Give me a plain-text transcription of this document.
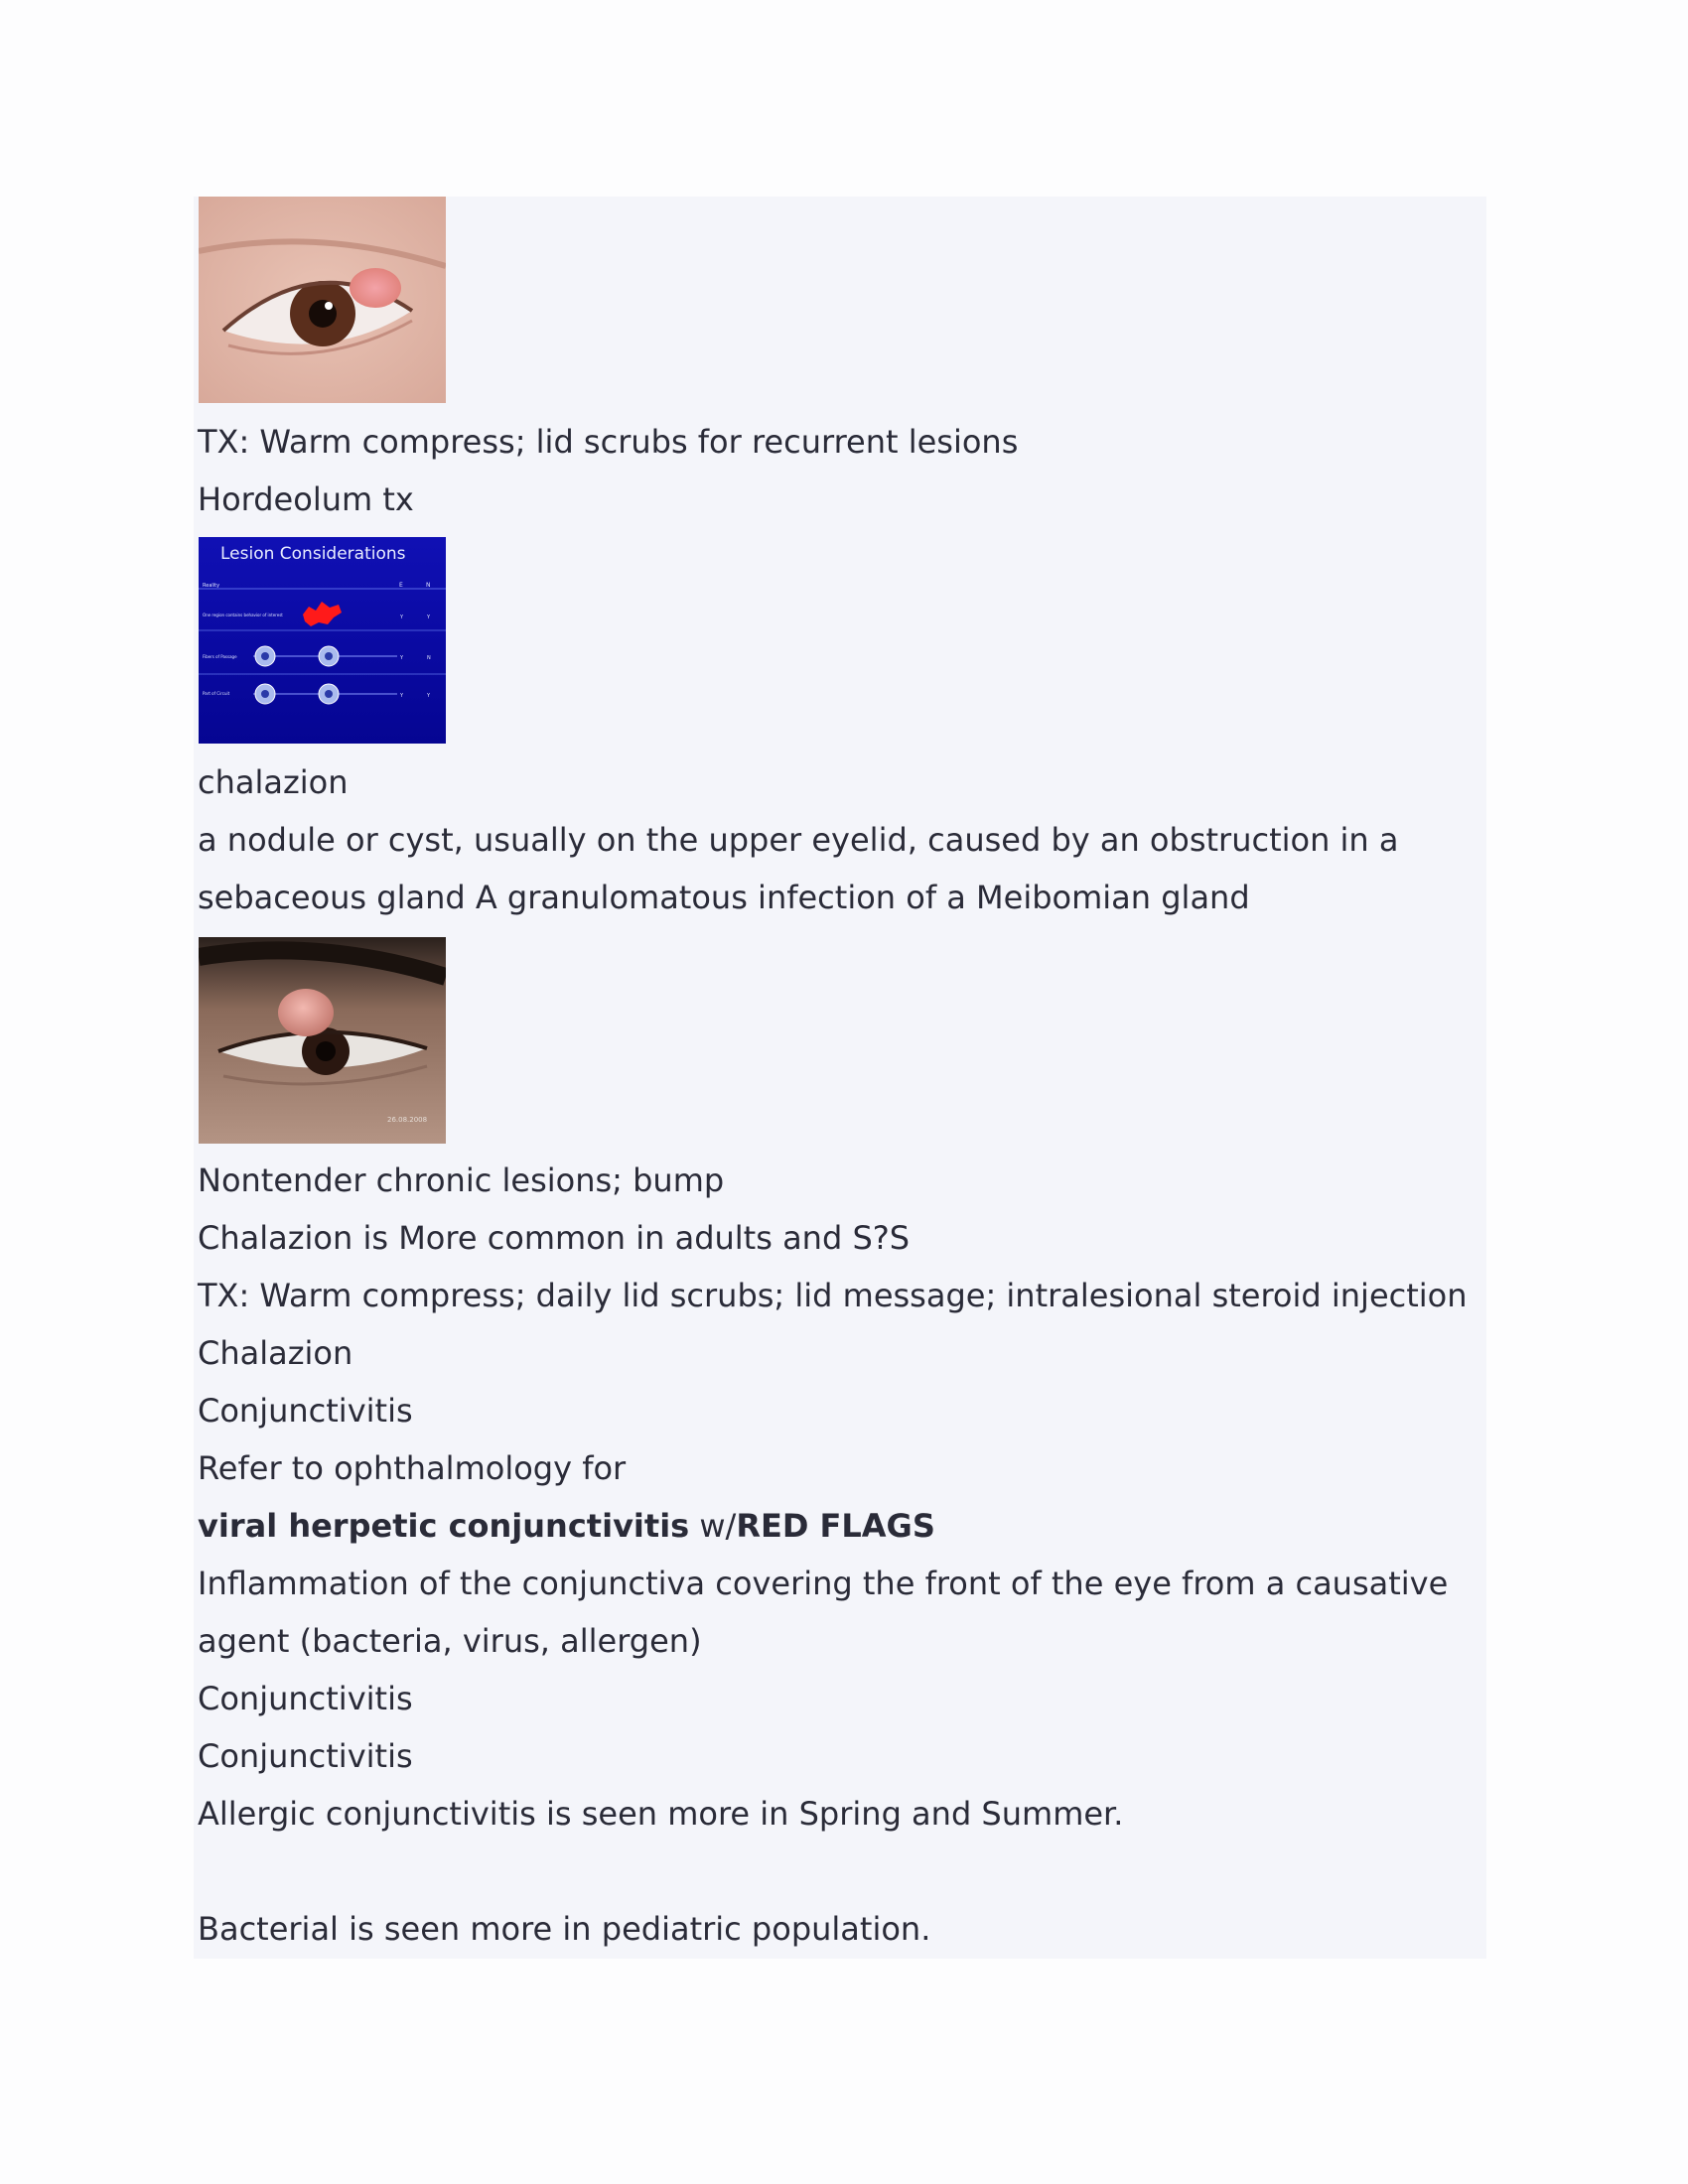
TX: Warm compress; lid scrubs for recurrent lesions
Hordeolum tx
Lesion Considerations
Reality	E	N
One region contains behavior of interest	Y	Y
Fibers of Passage	Y	N
Part of Circuit	Y	Y
chalazion
a nodule or cyst, usually on the upper eyelid, caused by an obstruction in a
sebaceous gland A granulomatous infection of a Meibomian gland
26.08.2008
Nontender chronic lesions; bump
Chalazion is More common in adults and S?S
TX: Warm compress; daily lid scrubs; lid message; intralesional steroid injection
Chalazion
Conjunctivitis
Refer to ophthalmology for
viral herpetic conjunctivitis w/RED FLAGS
Inflammation of the conjunctiva covering the front of the eye from a causative
agent (bacteria, virus, allergen)
Conjunctivitis
Conjunctivitis
Allergic conjunctivitis is seen more in Spring and Summer.
Bacterial is seen more in pediatric population.
